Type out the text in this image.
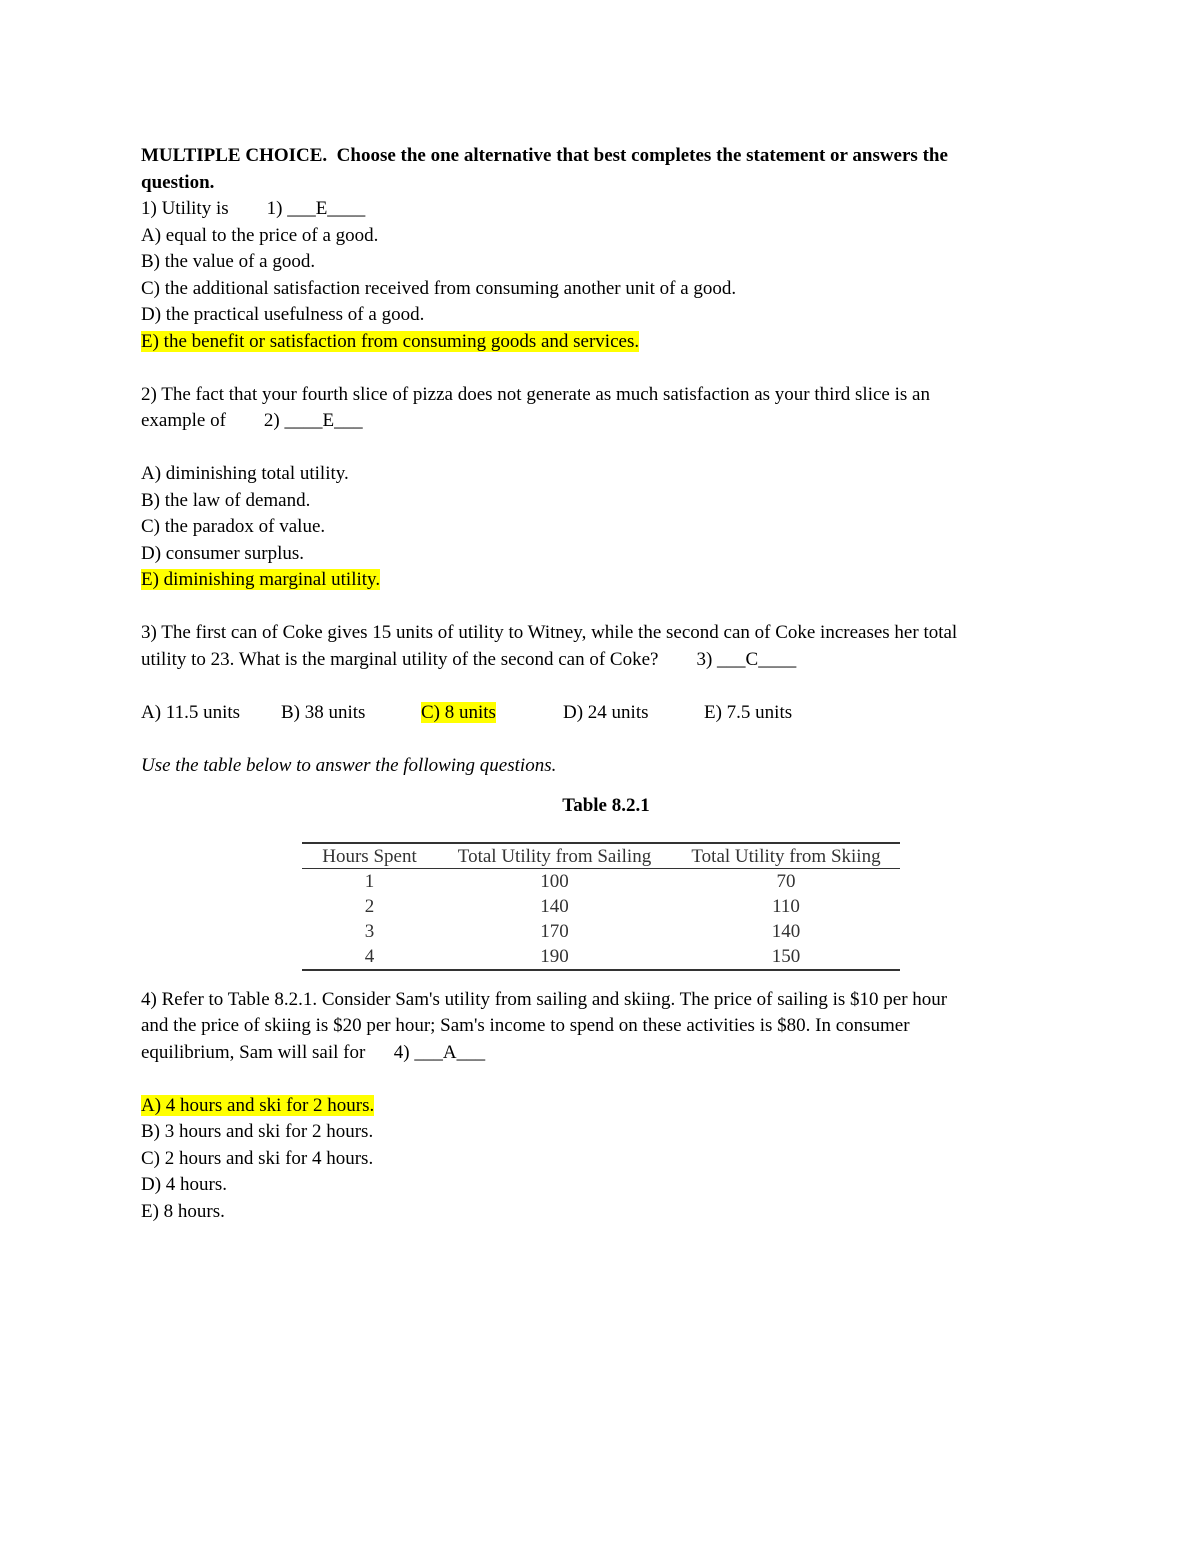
MULTIPLE CHOICE.  Choose the one alternative that best completes the statement or answers the

question.

1) Utility is        1) ___E____

A) equal to the price of a good.

B) the value of a good.

C) the additional satisfaction received from consuming another unit of a good.

D) the practical usefulness of a good.

E) the benefit or satisfaction from consuming goods and services.

2) The fact that your fourth slice of pizza does not generate as much satisfaction as your third slice is an

example of        2) ____E___

A) diminishing total utility.

B) the law of demand.

C) the paradox of value.

D) consumer surplus.

E) diminishing marginal utility.

3) The first can of Coke gives 15 units of utility to Witney, while the second can of Coke increases her total

utility to 23. What is the marginal utility of the second can of Coke?        3) ___C____

A) 11.5 units B) 38 units	C) 8 units	D) 24 units	E) 7.5 units

Use the table below to answer the following questions.

Table 8.2.1
Hours Spent	Total Utility from Sailing	Total Utility from Skiing
1	100	70
2	140	110
3	170	140
4	190	150

4) Refer to Table 8.2.1. Consider Sam's utility from sailing and skiing. The price of sailing is $10 per hour

and the price of skiing is $20 per hour; Sam's income to spend on these activities is $80. In consumer

equilibrium, Sam will sail for      4) ___A___

A) 4 hours and ski for 2 hours.

B) 3 hours and ski for 2 hours.

C) 2 hours and ski for 4 hours.

D) 4 hours.

E) 8 hours.
